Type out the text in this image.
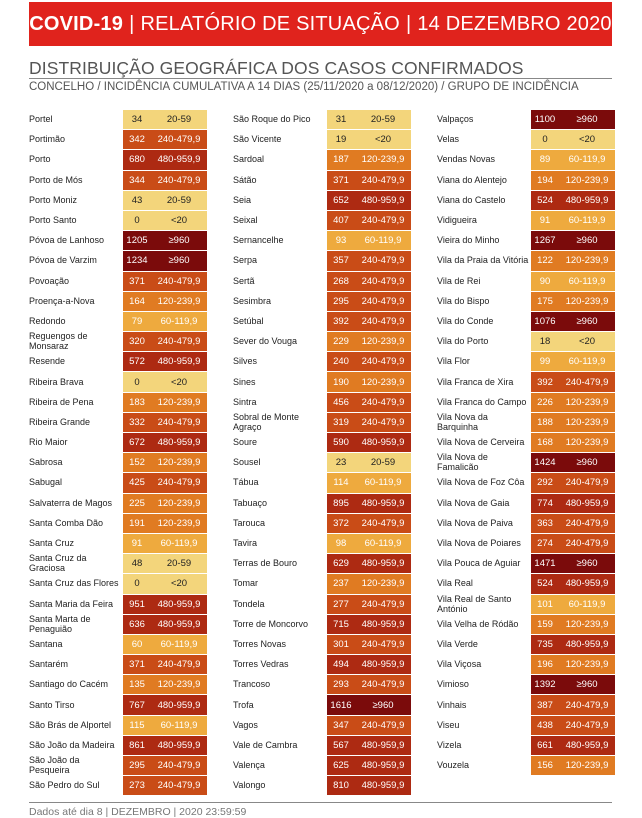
COVID-19 | RELATÓRIO DE SITUAÇÃO | 14 DEZEMBRO 2020
DISTRIBUIÇÃO GEOGRÁFICA DOS CASOS CONFIRMADOS
CONCELHO / INCIDÊNCIA CUMULATIVA A 14 DIAS (25/11/2020 a 08/12/2020) / GRUPO DE INCIDÊNCIA
Portel	34	20-59
Portimão	342	240-479,9
Porto	680	480-959,9
Porto de Mós	344	240-479,9
Porto Moniz	43	20-59
Porto Santo	0	<20
Póvoa de Lanhoso	1205	≥960
Póvoa de Varzim	1234	≥960
Povoação	371	240-479,9
Proença-a-Nova	164	120-239,9
Redondo	79	60-119,9
Reguengos de Monsaraz	320	240-479,9
Resende	572	480-959,9
Ribeira Brava	0	<20
Ribeira de Pena	183	120-239,9
Ribeira Grande	332	240-479,9
Rio Maior	672	480-959,9
Sabrosa	152	120-239,9
Sabugal	425	240-479,9
Salvaterra de Magos	225	120-239,9
Santa Comba Dão	191	120-239,9
Santa Cruz	91	60-119,9
Santa Cruz da Graciosa	48	20-59
Santa Cruz das Flores	0	<20
Santa Maria da Feira	951	480-959,9
Santa Marta de Penaguião	636	480-959,9
Santana	60	60-119,9
Santarém	371	240-479,9
Santiago do Cacém	135	120-239,9
Santo Tirso	767	480-959,9
São Brás de Alportel	115	60-119,9
São João da Madeira	861	480-959,9
São João da Pesqueira	295	240-479,9
São Pedro do Sul	273	240-479,9
São Roque do Pico	31	20-59
São Vicente	19	<20
Sardoal	187	120-239,9
Sátão	371	240-479,9
Seia	652	480-959,9
Seixal	407	240-479,9
Sernancelhe	93	60-119,9
Serpa	357	240-479,9
Sertã	268	240-479,9
Sesimbra	295	240-479,9
Setúbal	392	240-479,9
Sever do Vouga	229	120-239,9
Silves	240	240-479,9
Sines	190	120-239,9
Sintra	456	240-479,9
Sobral de Monte Agraço	319	240-479,9
Soure	590	480-959,9
Sousel	23	20-59
Tábua	114	60-119,9
Tabuaço	895	480-959,9
Tarouca	372	240-479,9
Tavira	98	60-119,9
Terras de Bouro	629	480-959,9
Tomar	237	120-239,9
Tondela	277	240-479,9
Torre de Moncorvo	715	480-959,9
Torres Novas	301	240-479,9
Torres Vedras	494	480-959,9
Trancoso	293	240-479,9
Trofa	1616	≥960
Vagos	347	240-479,9
Vale de Cambra	567	480-959,9
Valença	625	480-959,9
Valongo	810	480-959,9
Valpaços	1100	≥960
Velas	0	<20
Vendas Novas	89	60-119,9
Viana do Alentejo	194	120-239,9
Viana do Castelo	524	480-959,9
Vidigueira	91	60-119,9
Vieira do Minho	1267	≥960
Vila da Praia da Vitória 122	120-239,9
Vila de Rei	90	60-119,9
Vila do Bispo	175	120-239,9
Vila do Conde	1076	≥960
Vila do Porto	18	<20
Vila Flor	99	60-119,9
Vila Franca de Xira	392	240-479,9
Vila Franca do Campo	226	120-239,9
Vila Nova da Barquinha	188	120-239,9
Vila Nova de Cerveira	168	120-239,9
Vila Nova de Famalicão	1424	≥960
Vila Nova de Foz Côa	292	240-479,9
Vila Nova de Gaia	774	480-959,9
Vila Nova de Paiva	363	240-479,9
Vila Nova de Poiares	274	240-479,9
Vila Pouca de Aguiar	1471	≥960
Vila Real	524	480-959,9
Vila Real de Santo António	101	60-119,9
Vila Velha de Ródão	159	120-239,9
Vila Verde	735	480-959,9
Vila Viçosa	196	120-239,9
Vimioso	1392	≥960
Vinhais	387	240-479,9
Viseu	438	240-479,9
Vizela	661	480-959,9
Vouzela	156	120-239,9
Dados até dia 8 | DEZEMBRO | 2020 23:59:59
